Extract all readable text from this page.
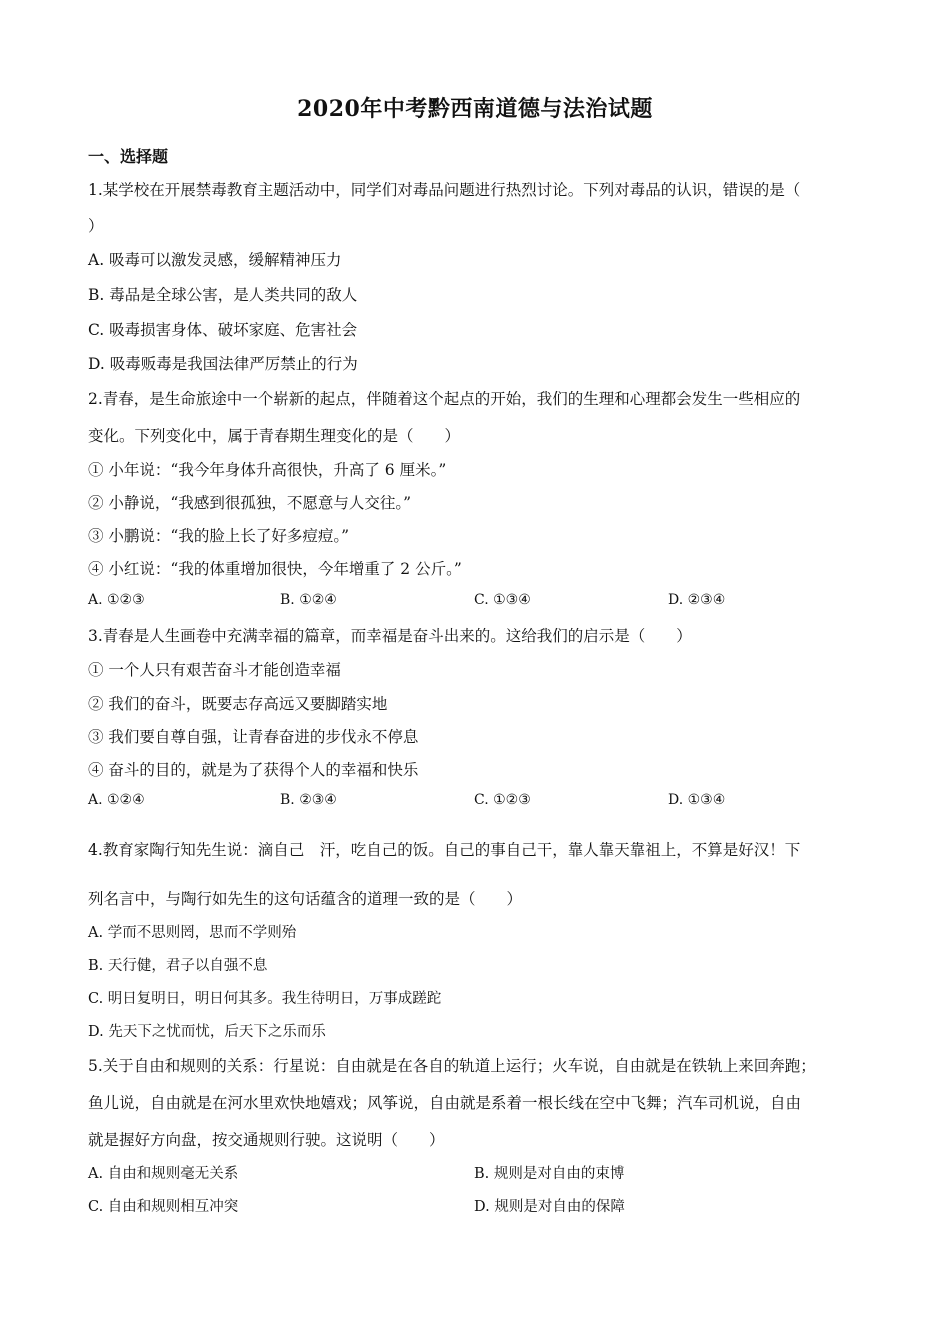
2020年中考黔西南道德与法治试题
一、选择题
1.某学校在开展禁毒教育主题活动中，同学们对毒品问题进行热烈讨论。下列对毒品的认识，错误的是（
）
A. 吸毒可以激发灵感，缓解精神压力
B. 毒品是全球公害，是人类共同的敌人
C. 吸毒损害身体、破坏家庭、危害社会
D. 吸毒贩毒是我国法律严厉禁止的行为
2.青春，是生命旅途中一个崭新的起点，伴随着这个起点的开始，我们的生理和心理都会发生一些相应的
变化。下列变化中，属于青春期生理变化的是（　　）
① 小年说：“我今年身体升高很快，升高了 6 厘米。”
② 小静说，“我感到很孤独，不愿意与人交往。”
③ 小鹏说：“我的脸上长了好多痘痘。”
④ 小红说：“我的体重增加很快，今年增重了 2 公斤。”
A. ①②③	B. ①②④	C. ①③④	D. ②③④
3.青春是人生画卷中充满幸福的篇章，而幸福是奋斗出来的。这给我们的启示是（　　）
① 一个人只有艰苦奋斗才能创造幸福
② 我们的奋斗，既要志存高远又要脚踏实地
③ 我们要自尊自强，让青春奋进的步伐永不停息
④ 奋斗的目的，就是为了获得个人的幸福和快乐
A. ①②④	B. ②③④	C. ①②③	D. ①③④
4.教育家陶行知先生说：滴自己　汗，吃自己的饭。自己的事自己干，靠人靠天靠祖上，不算是好汉！下
列名言中，与陶行如先生的这句话蕴含的道理一致的是（　　）
A. 学而不思则罔，思而不学则殆
B. 天行健，君子以自强不息
C. 明日复明日，明日何其多。我生待明日，万事成蹉跎
D. 先天下之忧而忧，后天下之乐而乐
5.关于自由和规则的关系：行星说：自由就是在各自的轨道上运行；火车说，自由就是在铁轨上来回奔跑；
鱼儿说，自由就是在河水里欢快地嬉戏；风筝说，自由就是系着一根长线在空中飞舞；汽车司机说，自由
就是握好方向盘，按交通规则行驶。这说明（　　）
A. 自由和规则毫无关系	B. 规则是对自由的束博
C. 自由和规则相互冲突	D. 规则是对自由的保障
